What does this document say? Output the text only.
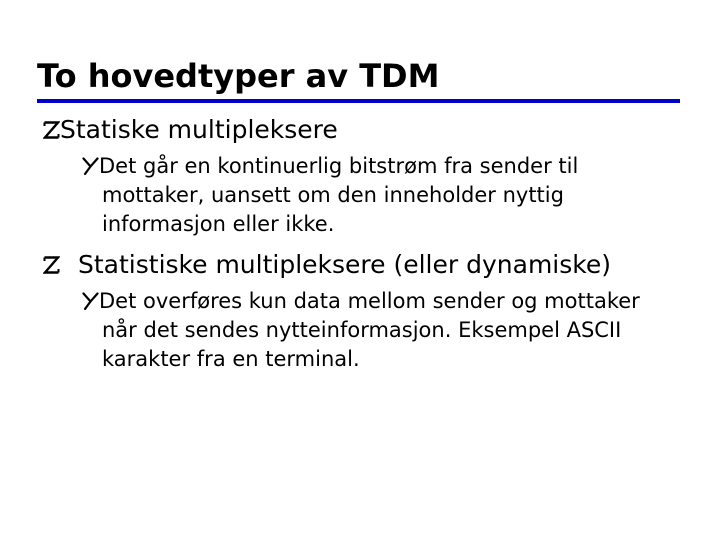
To hovedtyper av TDM
Statiske multipleksere
Det går en kontinuerlig bitstrøm fra sender til
mottaker, uansett om den inneholder nyttig
informasjon eller ikke.
Statistiske multipleksere (eller dynamiske)
Det overføres kun data mellom sender og mottaker
når det sendes nytteinformasjon. Eksempel ASCII
karakter fra en terminal.
